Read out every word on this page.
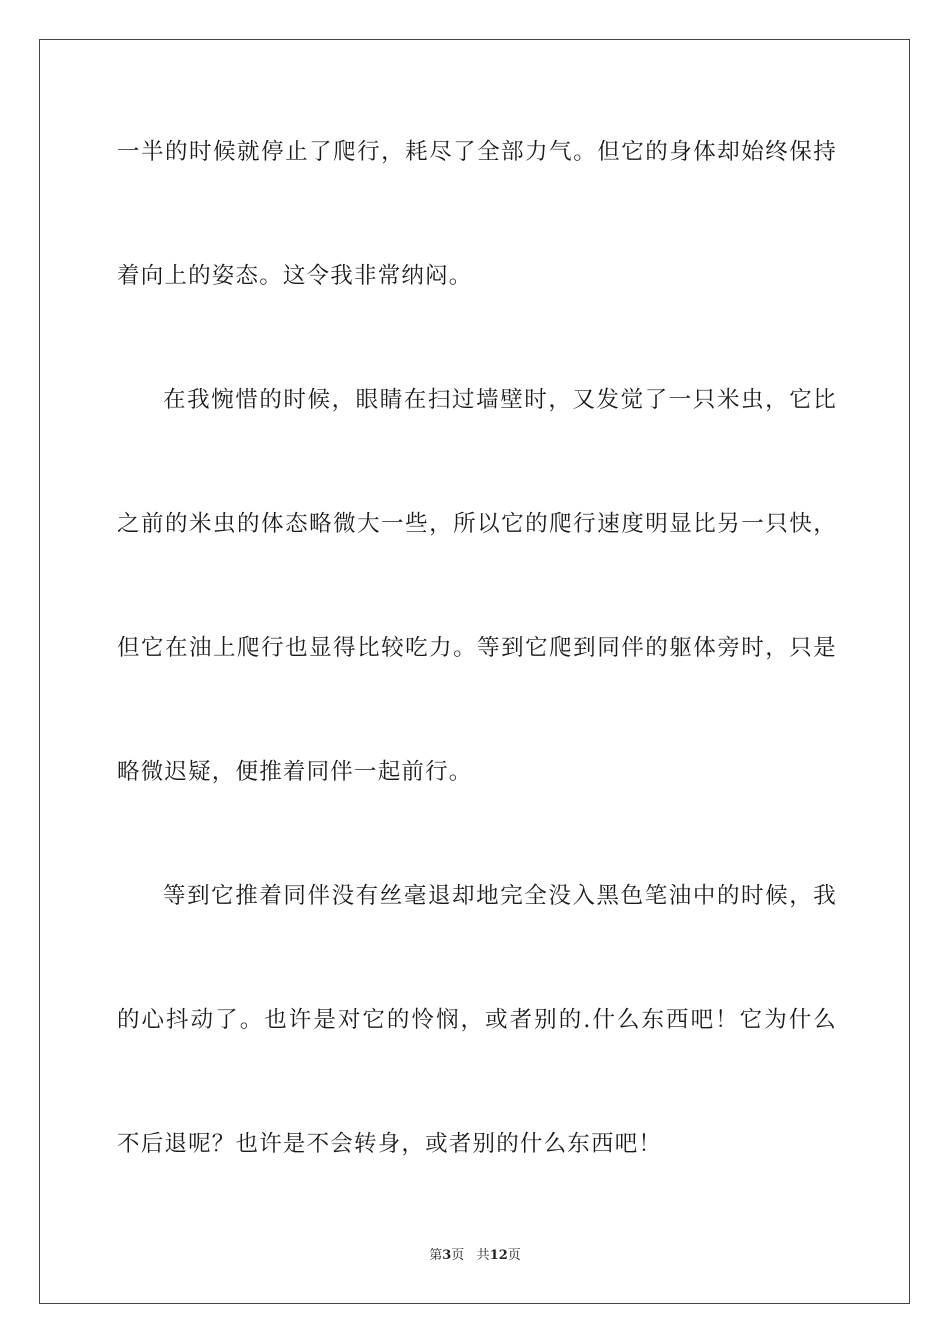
一半的时候就停止了爬行，耗尽了全部力气。但它的身体却始终保持
着向上的姿态。这令我非常纳闷。
在我惋惜的时候，眼睛在扫过墙壁时，又发觉了一只米虫，它比
之前的米虫的体态略微大一些，所以它的爬行速度明显比另一只快，
但它在油上爬行也显得比较吃力。等到它爬到同伴的躯体旁时，只是
略微迟疑，便推着同伴一起前行。
等到它推着同伴没有丝毫退却地完全没入黑色笔油中的时候，我
的心抖动了。也许是对它的怜悯，或者别的.什么东西吧！它为什么
不后退呢？也许是不会转身，或者别的什么东西吧！
第3页 共12页
